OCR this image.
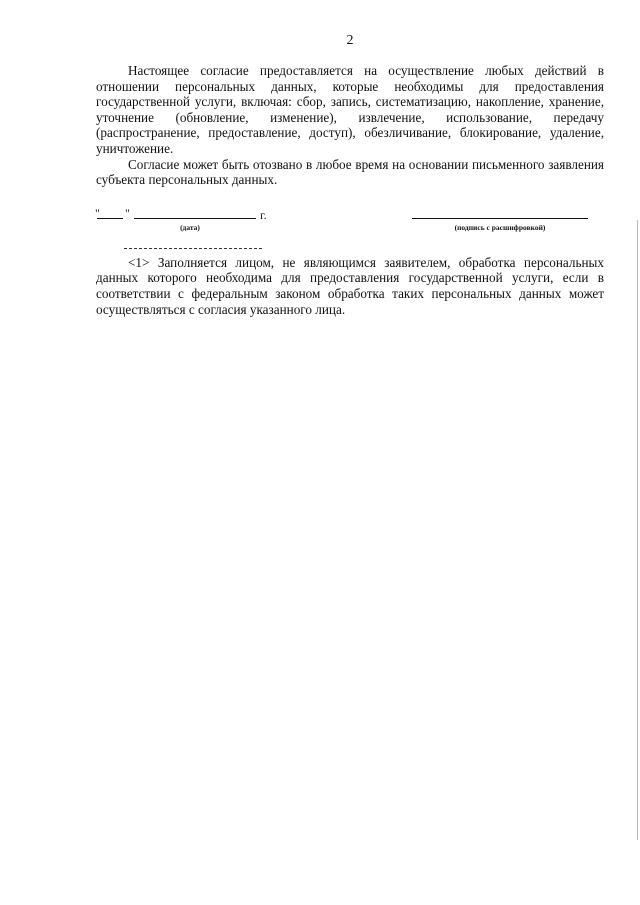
2

Настоящее согласие предоставляется на осуществление любых действий в отношении персональных данных, которые необходимы для предоставления государственной услуги, включая: сбор, запись, систематизацию, накопление, хранение, уточнение (обновление, изменение), извлечение, использование, передачу (распространение, предоставление, доступ), обезличивание, блокирование, удаление, уничтожение.

Согласие может быть отозвано в любое время на основании письменного заявления субъекта персональных данных.

" "	г.
(дата)	(подпись с расшифровкой)

<1> Заполняется лицом, не являющимся заявителем, обработка персональных данных которого необходима для предоставления государственной услуги, если в соответствии с федеральным законом обработка таких персональных данных может осуществляться с согласия указанного лица.
